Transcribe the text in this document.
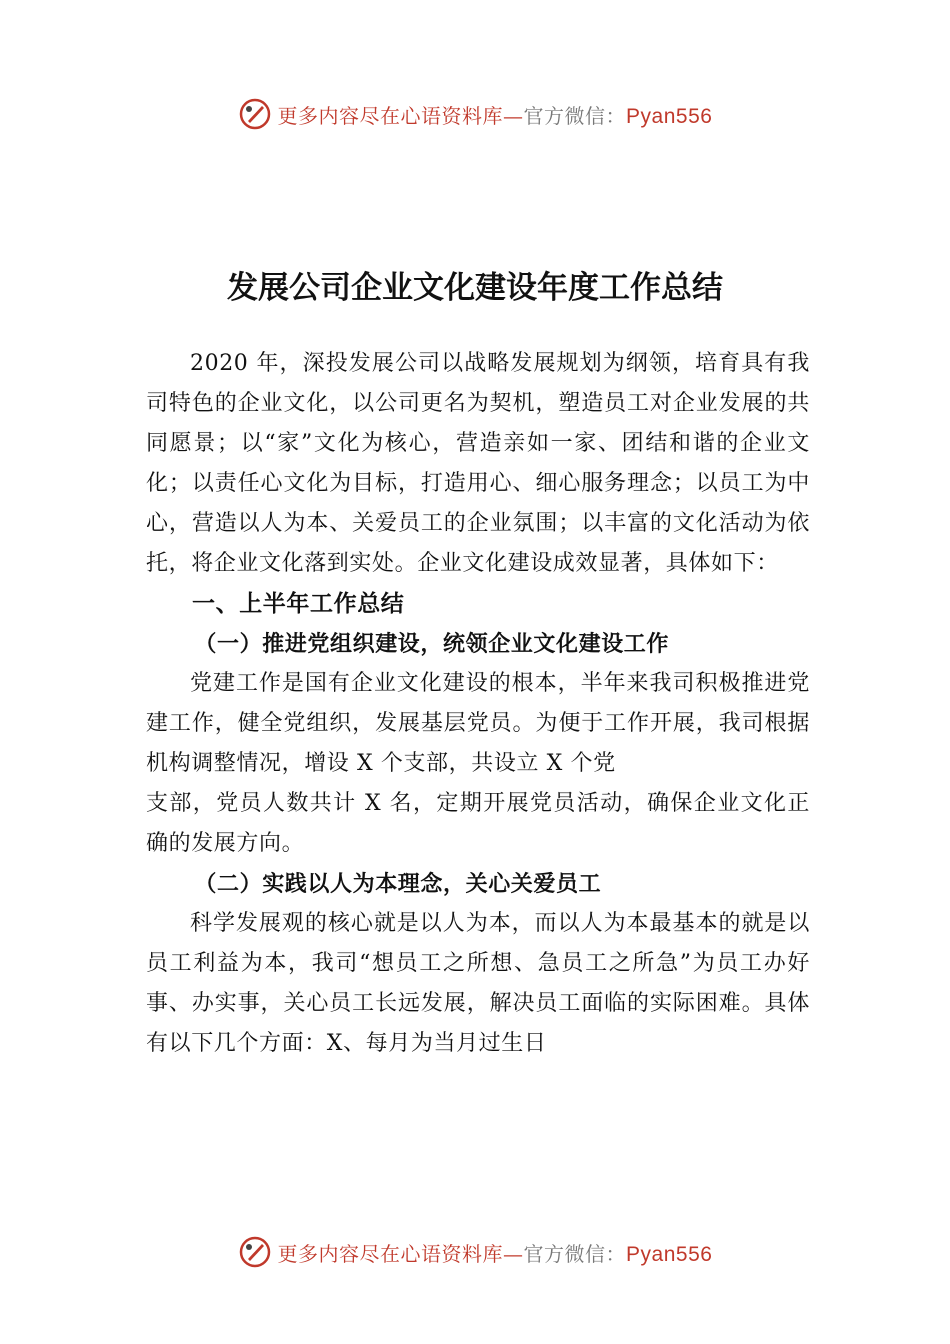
更多内容尽在心语资料库—官方微信：Pyan556
发展公司企业文化建设年度工作总结

2020 年，深投发展公司以战略发展规划为纲领，培育具有我司特色的企业文化，以公司更名为契机，塑造员工对企业发展的共同愿景；以“家”文化为核心，营造亲如一家、团结和谐的企业文化；以责任心文化为目标，打造用心、细心服务理念；以员工为中心，营造以人为本、关爱员工的企业氛围；以丰富的文化活动为依托，将企业文化落到实处。企业文化建设成效显著，具体如下：

一、上半年工作总结

（一）推进党组织建设，统领企业文化建设工作

党建工作是国有企业文化建设的根本，半年来我司积极推进党建工作，健全党组织，发展基层党员。为便于工作开展，我司根据机构调整情况，增设 X 个支部，共设立 X 个党

支部，党员人数共计 X 名，定期开展党员活动，确保企业文化正确的发展方向。

（二）实践以人为本理念，关心关爱员工

科学发展观的核心就是以人为本，而以人为本最基本的就是以员工利益为本，我司“想员工之所想、急员工之所急”为员工办好事、办实事，关心员工长远发展，解决员工面临的实际困难。具体有以下几个方面：X、每月为当月过生日

更多内容尽在心语资料库—官方微信：Pyan556
